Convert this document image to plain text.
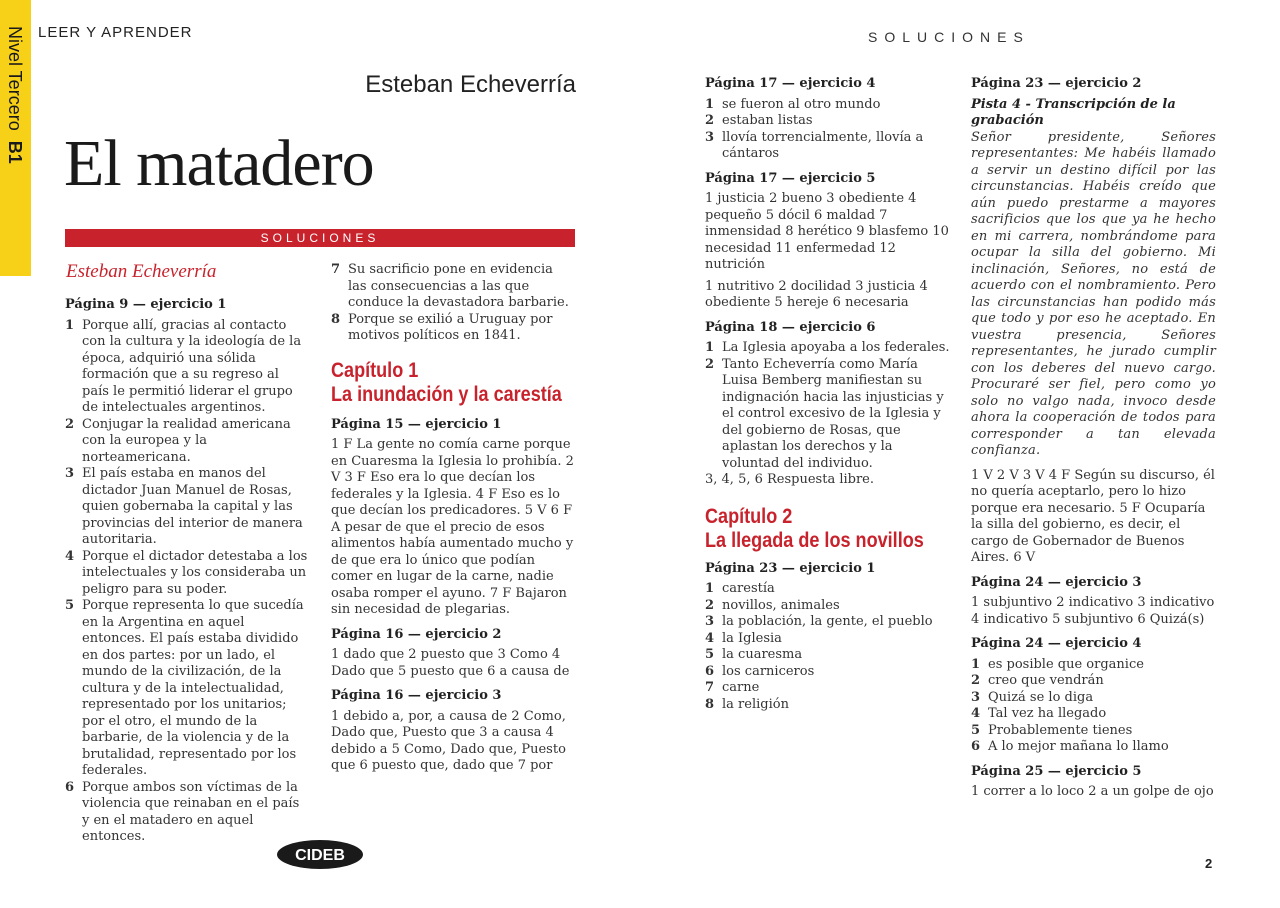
Nivel Tercero  B1
LEER Y APRENDER	SOLUCIONES
Esteban Echeverría
El matadero
SOLUCIONES
Esteban Echeverría
Página 9 — ejercicio 1
1 Porque allí, gracias al contacto con la cultura y la ideología de la época, adquirió una sólida formación que a su regreso al país le permitió liderar el grupo de intelectuales argentinos.
2 Conjugar la realidad americana con la europea y la norteamericana.
3 El país estaba en manos del dictador Juan Manuel de Rosas, quien gobernaba la capital y las provincias del interior de manera autoritaria.
4 Porque el dictador detestaba a los intelectuales y los consideraba un peligro para su poder.
5 Porque representa lo que sucedía en la Argentina en aquel entonces. El país estaba dividido en dos partes: por un lado, el mundo de la civilización, de la cultura y de la intelectualidad, representado por los unitarios; por el otro, el mundo de la barbarie, de la violencia y de la brutalidad, representado por los federales.
6 Porque ambos son víctimas de la violencia que reinaban en el país y en el matadero en aquel entonces.
7 Su sacrificio pone en evidencia las consecuencias a las que conduce la devastadora barbarie.
8 Porque se exilió a Uruguay por motivos políticos en 1841.
Capítulo 1
La inundación y la carestía
Página 15 — ejercicio 1

1 F La gente no comía carne porque en Cuaresma la Iglesia lo prohibía. 2 V 3 F Eso era lo que decían los federales y la Iglesia. 4 F Eso es lo que decían los predicadores. 5 V 6 F A pesar de que el precio de esos alimentos había aumentado mucho y de que era lo único que podían comer en lugar de la carne, nadie osaba romper el ayuno. 7 F Bajaron sin necesidad de plegarias.

Página 16 — ejercicio 2

1 dado que 2 puesto que 3 Como 4 Dado que 5 puesto que 6 a causa de

Página 16 — ejercicio 3

1 debido a, por, a causa de 2 Como, Dado que, Puesto que 3 a causa 4 debido a 5 Como, Dado que, Puesto que 6 puesto que, dado que 7 por

Página 17 — ejercicio 4
1 se fueron al otro mundo
2 estaban listas
3 llovía torrencialmente, llovía a cántaros
Página 17 — ejercicio 5

1 justicia 2 bueno 3 obediente 4 pequeño 5 dócil 6 maldad 7 inmensidad 8 herético 9 blasfemo 10 necesidad 11 enfermedad 12 nutrición

1 nutritivo 2 docilidad 3 justicia 4 obediente 5 hereje 6 necesaria

Página 18 — ejercicio 6
1 La Iglesia apoyaba a los federales.
2 Tanto Echeverría como María Luisa Bemberg manifiestan su indignación hacia las injusticias y el control excesivo de la Iglesia y del gobierno de Rosas, que aplastan los derechos y la voluntad del individuo.

3, 4, 5, 6 Respuesta libre.

Capítulo 2
La llegada de los novillos
Página 23 — ejercicio 1
1 carestía
2 novillos, animales
3 la población, la gente, el pueblo
4 la Iglesia
5 la cuaresma
6 los carniceros
7 carne
8 la religión
Página 23 — ejercicio 2
Pista 4 - Transcripción de la grabación

Señor presidente, Señores representantes: Me habéis llamado a servir un destino difícil por las circunstancias. Habéis creído que aún puedo prestarme a mayores sacrificios que los que ya he hecho en mi carrera, nombrándome para ocupar la silla del gobierno. Mi inclinación, Señores, no está de acuerdo con el nombramiento. Pero las circunstancias han podido más que todo y por eso he aceptado. En vuestra presencia, Señores representantes, he jurado cumplir con los deberes del nuevo cargo. Procuraré ser fiel, pero como yo solo no valgo nada, invoco desde ahora la cooperación de todos para corresponder a tan elevada confianza.

1 V 2 V 3 V 4 F Según su discurso, él no quería aceptarlo, pero lo hizo porque era necesario. 5 F Ocuparía la silla del gobierno, es decir, el cargo de Gobernador de Buenos Aires. 6 V

Página 24 — ejercicio 3

1 subjuntivo 2 indicativo 3 indicativo 4 indicativo 5 subjuntivo 6 Quizá(s)

Página 24 — ejercicio 4
1 es posible que organice
2 creo que vendrán
3 Quizá se lo diga
4 Tal vez ha llegado
5 Probablemente tienes
6 A lo mejor mañana lo llamo
Página 25 — ejercicio 5

1 correr a lo loco 2 a un golpe de ojo

CIDEB	2
